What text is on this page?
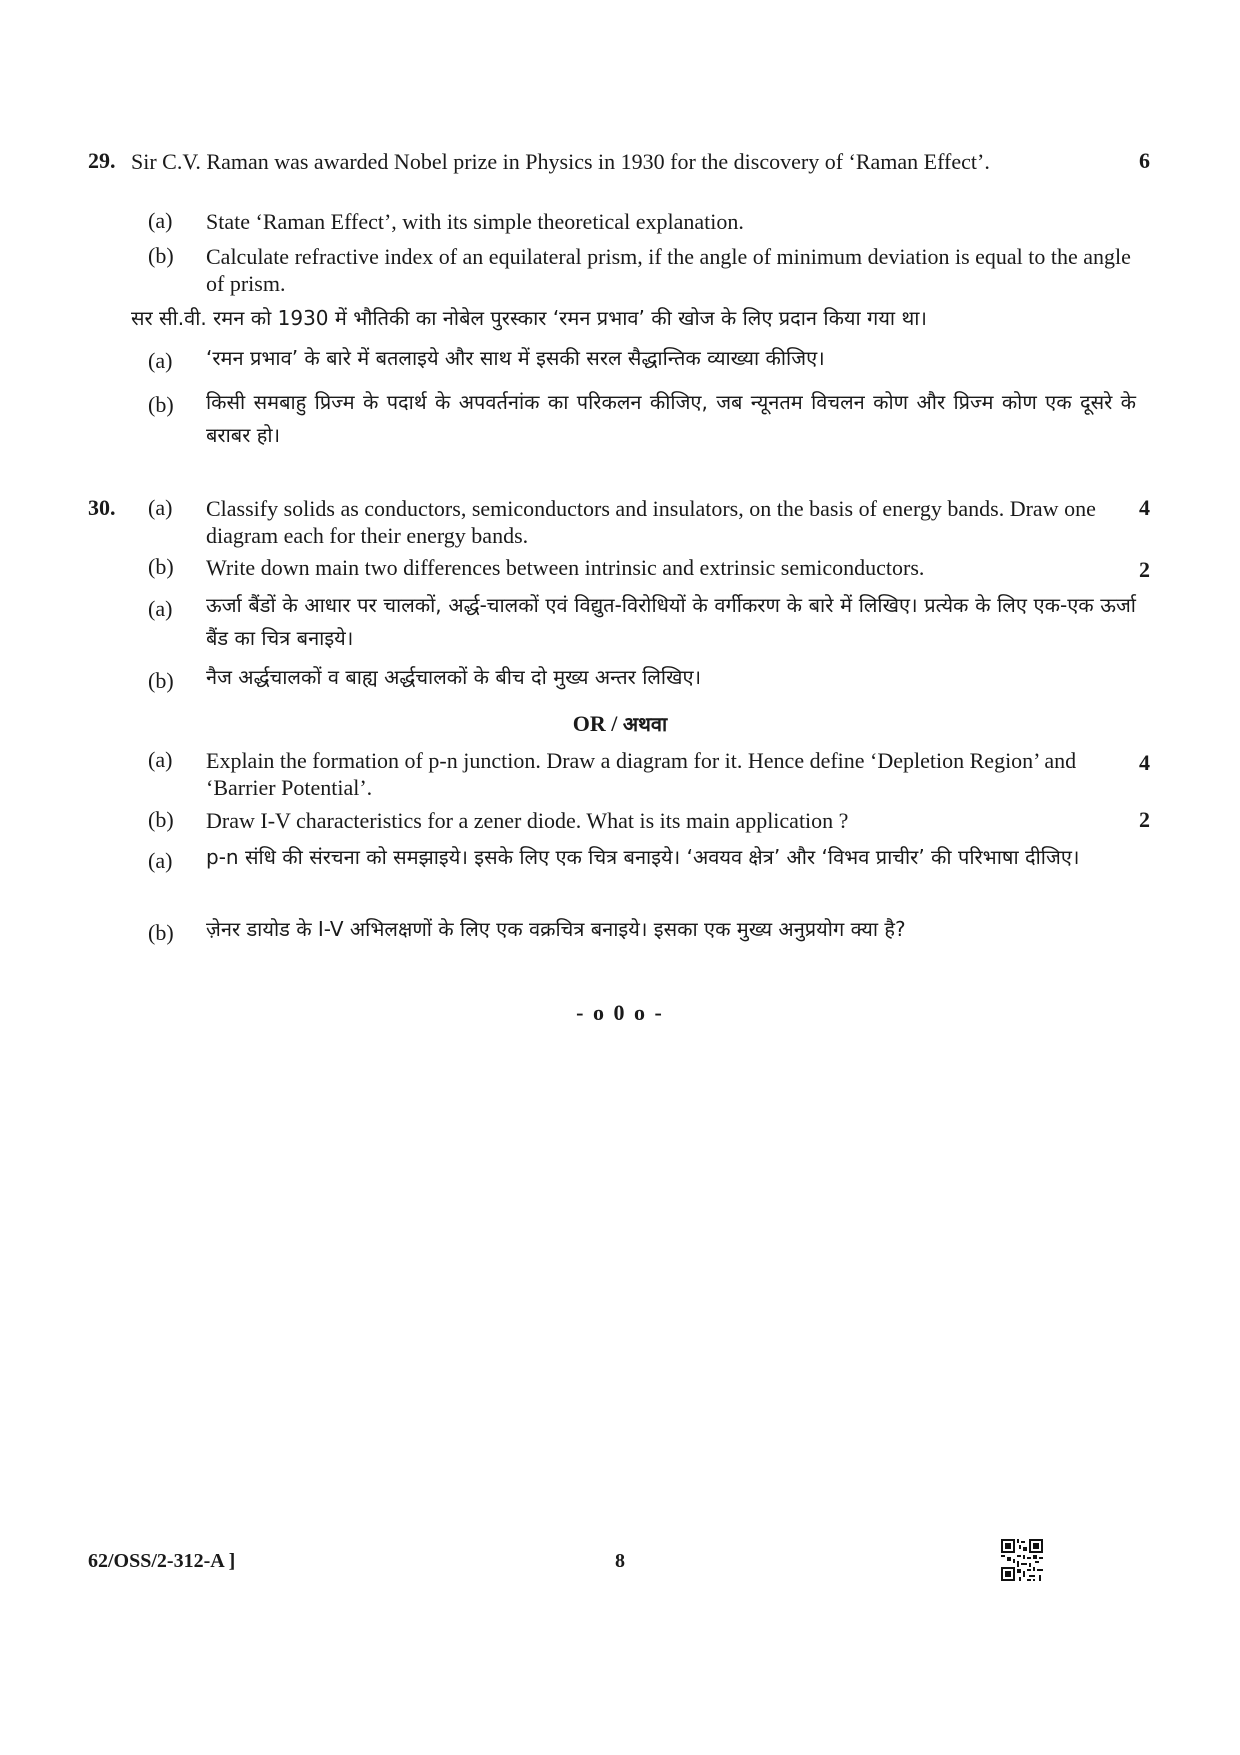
29.	6
Sir C.V. Raman was awarded Nobel prize in Physics in 1930 for the discovery of ‘Raman Effect’.
(a) State ‘Raman Effect’, with its simple theoretical explanation.
(b) Calculate refractive index of an equilateral prism, if the angle of minimum deviation is equal to the angle of prism.
सर सी.वी. रमन को 1930 में भौतिकी का नोबेल पुरस्कार ‘रमन प्रभाव’ की खोज के लिए प्रदान किया गया था।
(a) ‘रमन प्रभाव’ के बारे में बतलाइये और साथ में इसकी सरल सैद्धान्तिक व्याख्या कीजिए।
(b) किसी समबाहु प्रिज्म के पदार्थ के अपवर्तनांक का परिकलन कीजिए, जब न्यूनतम विचलन कोण और प्रिज्म कोण एक दूसरे के बराबर हो।
30. (a) Classify solids as conductors, semiconductors and insulators, on the basis of energy bands. Draw one diagram each for their energy bands.
4
(b) Write down main two differences between intrinsic and extrinsic semiconductors.	2
(a) ऊर्जा बैंडों के आधार पर चालकों, अर्द्ध-चालकों एवं विद्युत-विरोधियों के वर्गीकरण के बारे में लिखिए। प्रत्येक के लिए एक-एक ऊर्जा बैंड का चित्र बनाइये।
(b) नैज अर्द्धचालकों व बाह्य अर्द्धचालकों के बीच दो मुख्य अन्तर लिखिए।
OR / अथवा
(a) Explain the formation of p-n junction. Draw a diagram for it. Hence define ‘Depletion Region’ and ‘Barrier Potential’.
4
(b) Draw I-V characteristics for a zener diode. What is its main application ?	2
(a) p-n संधि की संरचना को समझाइये। इसके लिए एक चित्र बनाइये। ‘अवयव क्षेत्र’ और ‘विभव प्राचीर’ की परिभाषा दीजिए।
(b) ज़ेनर डायोड के I-V अभिलक्षणों के लिए एक वक्रचित्र बनाइये। इसका एक मुख्य अनुप्रयोग क्या है?
- o 0 o -
62/OSS/2-312-A ]	8
